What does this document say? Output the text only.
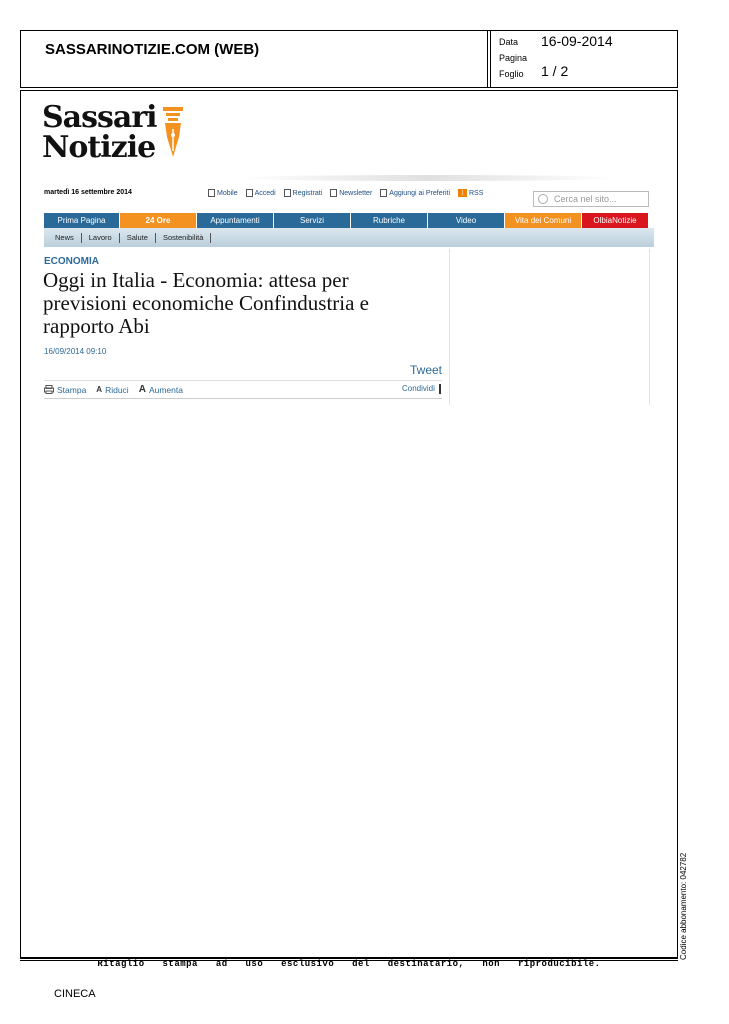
SASSARINOTIZIE.COM (WEB)	Data 16-09-2014
Pagina
Foglio 1 / 2
Sassari
Notizie
martedì 16 settembre 2014	Mobile Accedi Registrati Newsletter Aggiungi ai Preferiti	) RSS
Cerca nel sito...
Prima Pagina	24 Ore	Appuntamenti	Servizi	Rubriche	Video	Vita dei Comuni	OlbiaNotizie
News	Lavoro	Salute	Sostenibilità
ECONOMIA
Oggi in Italia - Economia: attesa per previsioni economiche Confindustria e rapporto Abi
16/09/2014 09:10
Tweet
Stampa A Riduci A Aumenta	Condividi
Ritaglio stampa ad uso esclusivo del destinatario, non riproducibile.
Codice abbonamento: 042782
CINECA
